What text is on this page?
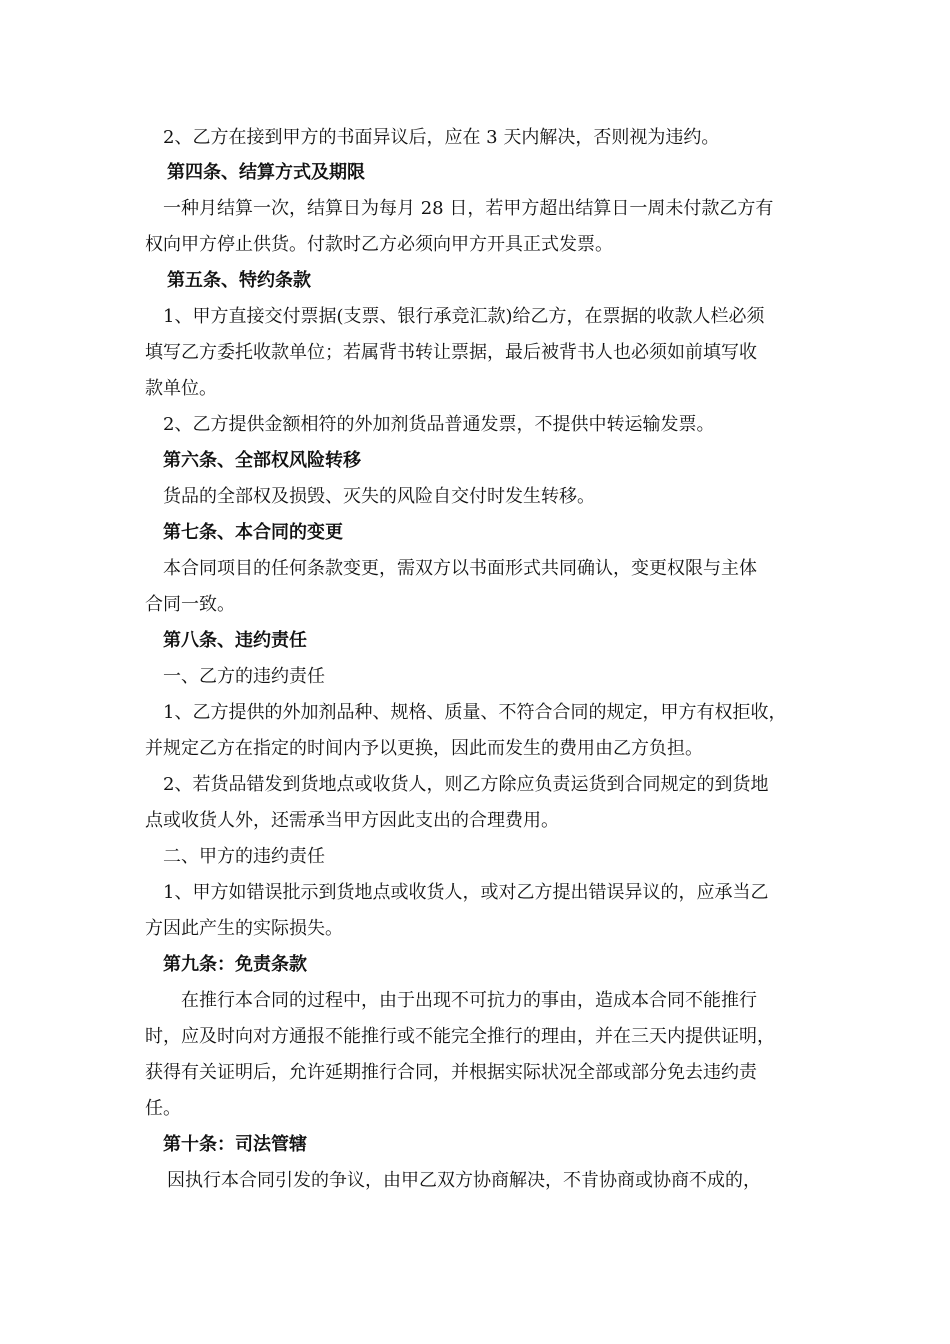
2、乙方在接到甲方的书面异议后，应在 3 天内解决，否则视为违约。
第四条、结算方式及期限
一种月结算一次，结算日为每月 28 日，若甲方超出结算日一周未付款乙方有
权向甲方停止供货。付款时乙方必须向甲方开具正式发票。
第五条、特约条款
1、甲方直接交付票据(支票、银行承竞汇款)给乙方，在票据的收款人栏必须
填写乙方委托收款单位；若属背书转让票据，最后被背书人也必须如前填写收
款单位。
2、乙方提供金额相符的外加剂货品普通发票，不提供中转运输发票。
第六条、全部权风险转移
货品的全部权及损毁、灭失的风险自交付时发生转移。
第七条、本合同的变更
本合同项目的任何条款变更，需双方以书面形式共同确认，变更权限与主体
合同一致。
第八条、违约责任
一、乙方的违约责任
1、乙方提供的外加剂品种、规格、质量、不符合合同的规定，甲方有权拒收，
并规定乙方在指定的时间内予以更换，因此而发生的费用由乙方负担。
2、若货品错发到货地点或收货人，则乙方除应负责运货到合同规定的到货地
点或收货人外，还需承当甲方因此支出的合理费用。
二、甲方的违约责任
1、甲方如错误批示到货地点或收货人，或对乙方提出错误异议的，应承当乙
方因此产生的实际损失。
第九条：免责条款
在推行本合同的过程中，由于出现不可抗力的事由，造成本合同不能推行
时，应及时向对方通报不能推行或不能完全推行的理由，并在三天内提供证明，
获得有关证明后，允许延期推行合同，并根据实际状况全部或部分免去违约责
任。
第十条：司法管辖
因执行本合同引发的争议，由甲乙双方协商解决，不肯协商或协商不成的，
